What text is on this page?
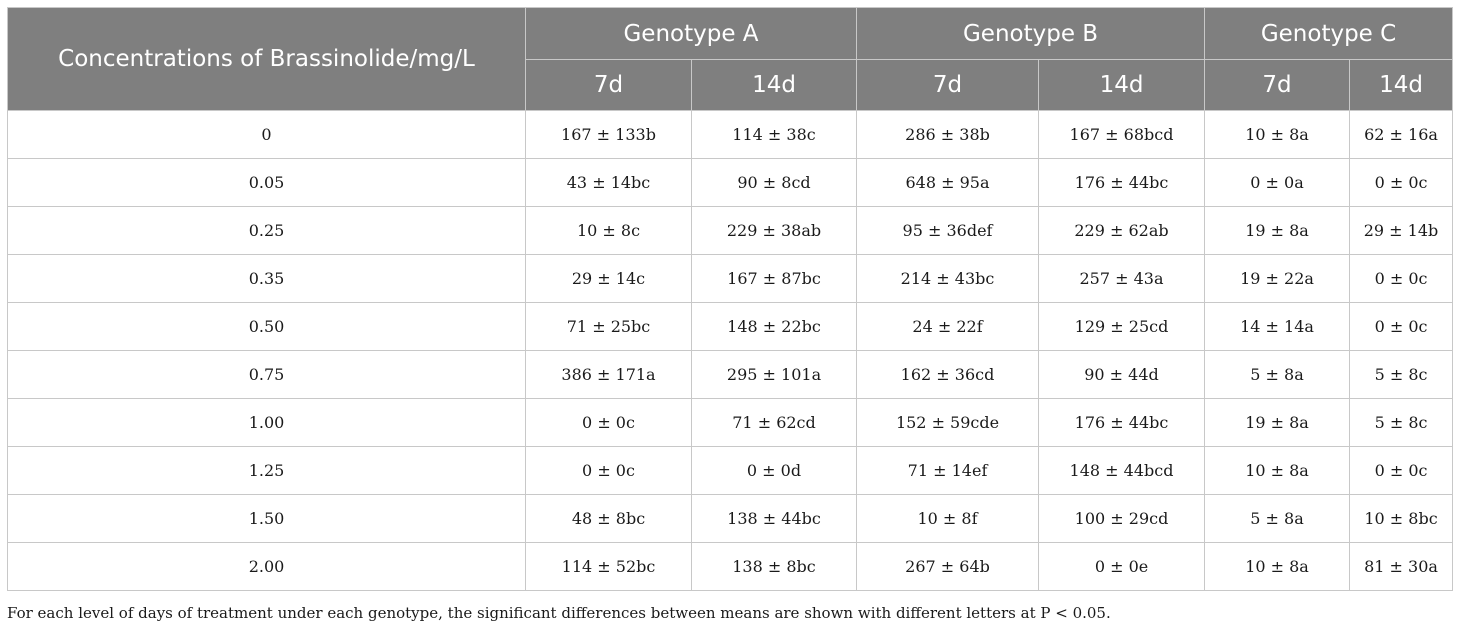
Concentrations of Brassinolide/mg/L	Genotype A		Genotype B		Genotype C	
	7d	14d	7d	14d	7d	14d
0	167 ± 133b	114 ± 38c	286 ± 38b	167 ± 68bcd	10 ± 8a	62 ± 16a
0.05	43 ± 14bc	90 ± 8cd	648 ± 95a	176 ± 44bc	0 ± 0a	0 ± 0c
0.25	10 ± 8c	229 ± 38ab	95 ± 36def	229 ± 62ab	19 ± 8a	29 ± 14b
0.35	29 ± 14c	167 ± 87bc	214 ± 43bc	257 ± 43a	19 ± 22a	0 ± 0c
0.50	71 ± 25bc	148 ± 22bc	24 ± 22f	129 ± 25cd	14 ± 14a	0 ± 0c
0.75	386 ± 171a	295 ± 101a	162 ± 36cd	90 ± 44d	5 ± 8a	5 ± 8c
1.00	0 ± 0c	71 ± 62cd	152 ± 59cde	176 ± 44bc	19 ± 8a	5 ± 8c
1.25	0 ± 0c	0 ± 0d	71 ± 14ef	148 ± 44bcd	10 ± 8a	0 ± 0c
1.50	48 ± 8bc	138 ± 44bc	10 ± 8f	100 ± 29cd	5 ± 8a	10 ± 8bc
2.00	114 ± 52bc	138 ± 8bc	267 ± 64b	0 ± 0e	10 ± 8a	81 ± 30a
For each level of days of treatment under each genotype, the significant differences between means are shown with different letters at P < 0.05.
